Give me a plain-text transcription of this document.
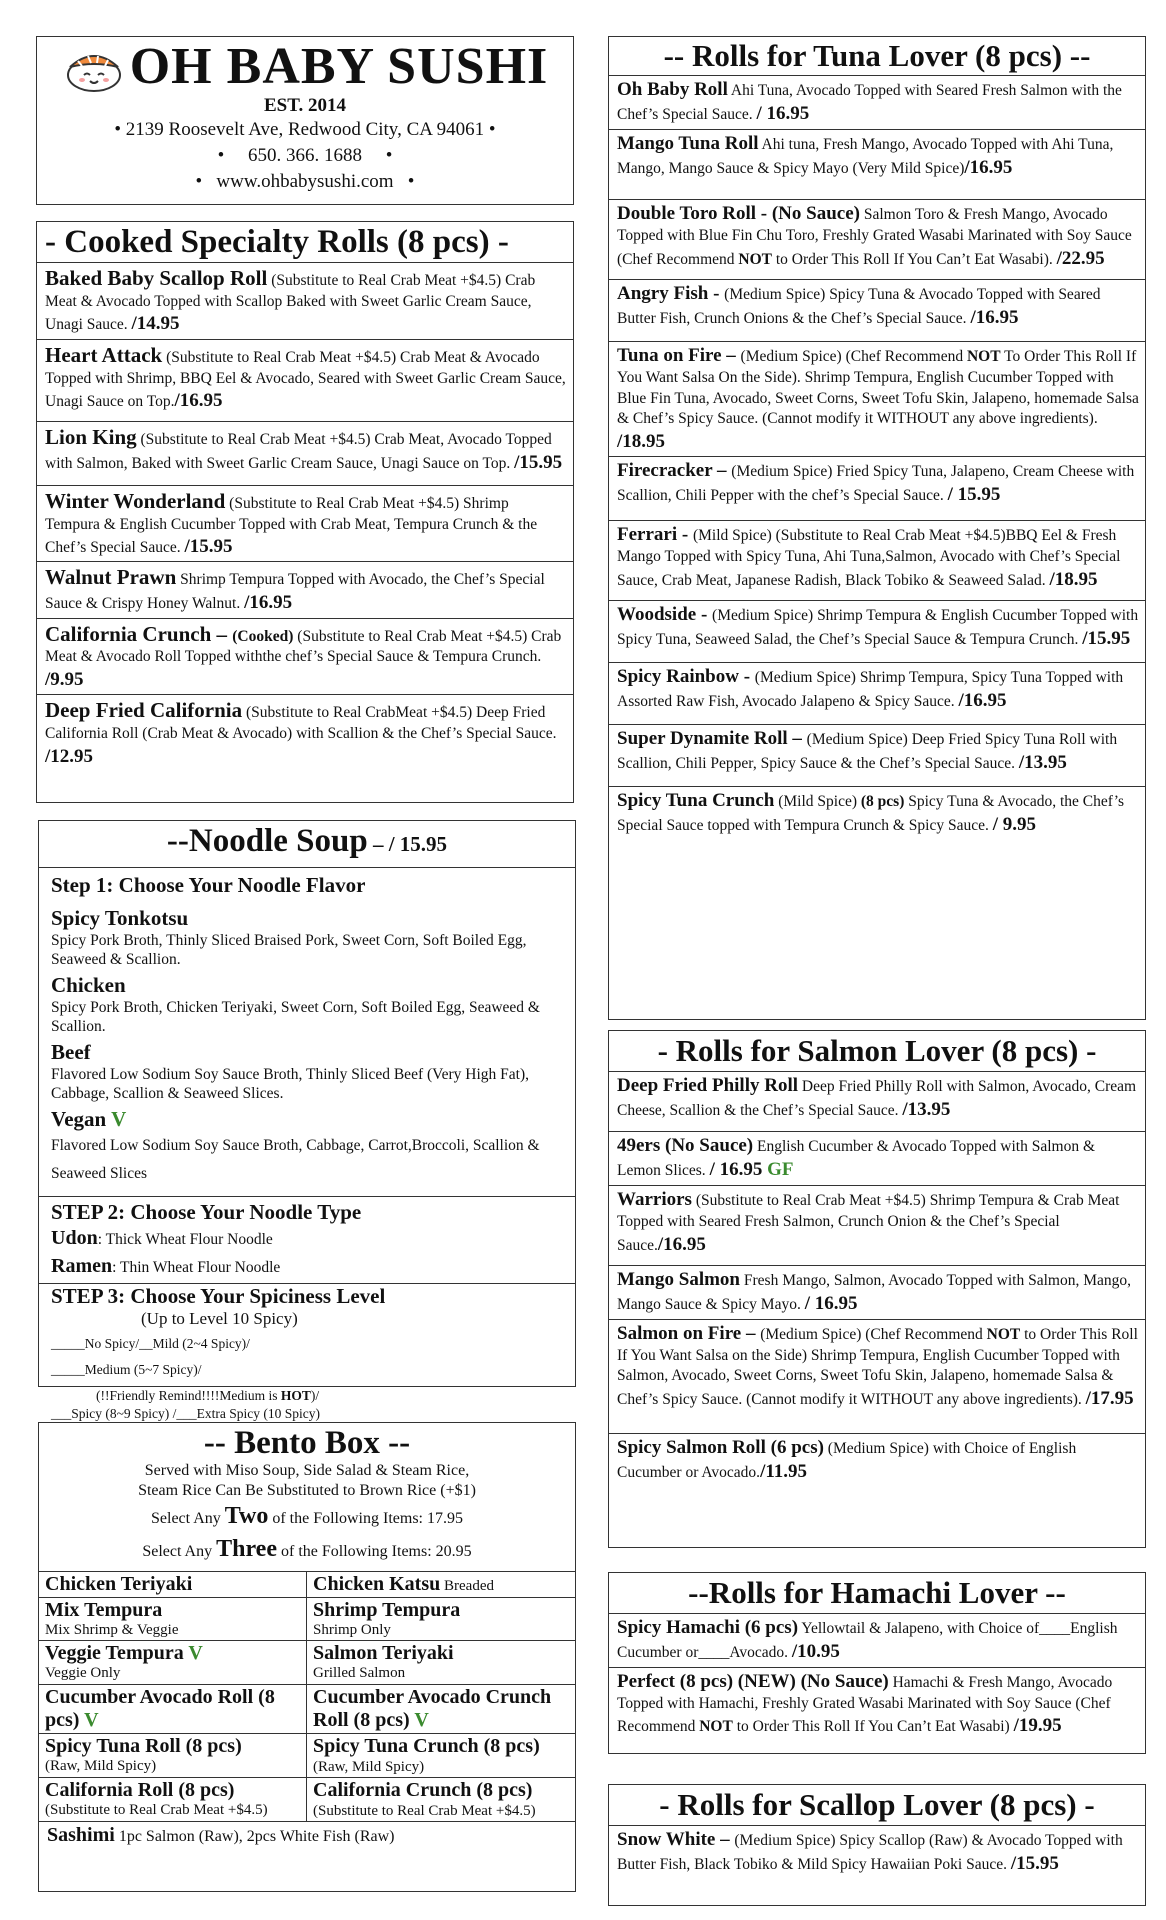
OH BABY SUSHI
EST. 2014
• 2139 Roosevelt Ave, Redwood City, CA 94061 •
•     650. 366. 1688     •
•   www.ohbabysushi.com   •
- Cooked Specialty Rolls (8 pcs) -
Baked Baby Scallop Roll (Substitute to Real Crab Meat +$4.5) Crab Meat & Avocado Topped with Scallop Baked with Sweet Garlic Cream Sauce, Unagi Sauce. /14.95
Heart Attack (Substitute to Real Crab Meat +$4.5) Crab Meat & Avocado Topped with Shrimp, BBQ Eel & Avocado, Seared with Sweet Garlic Cream Sauce, Unagi Sauce on Top./16.95
Lion King (Substitute to Real Crab Meat +$4.5) Crab Meat, Avocado Topped with Salmon, Baked with Sweet Garlic Cream Sauce, Unagi Sauce on Top. /15.95
Winter Wonderland (Substitute to Real Crab Meat +$4.5) Shrimp Tempura & English Cucumber Topped with Crab Meat, Tempura Crunch & the Chef’s Special Sauce. /15.95
Walnut Prawn Shrimp Tempura Topped with Avocado, the Chef’s Special Sauce & Crispy Honey Walnut. /16.95
California Crunch – (Cooked) (Substitute to Real Crab Meat +$4.5) Crab Meat & Avocado Roll Topped withthe chef’s Special Sauce & Tempura Crunch. /9.95
Deep Fried California (Substitute to Real CrabMeat +$4.5) Deep Fried California Roll (Crab Meat & Avocado) with Scallion & the Chef’s Special Sauce. /12.95
--Noodle Soup – / 15.95
Step 1: Choose Your Noodle Flavor
Spicy Tonkotsu
Spicy Pork Broth, Thinly Sliced Braised Pork, Sweet Corn, Soft Boiled Egg, Seaweed & Scallion.
Chicken
Spicy Pork Broth, Chicken Teriyaki, Sweet Corn, Soft Boiled Egg, Seaweed & Scallion.
Beef
Flavored Low Sodium Soy Sauce Broth, Thinly Sliced Beef (Very High Fat), Cabbage, Scallion & Seaweed Slices.
Vegan V
Flavored Low Sodium Soy Sauce Broth, Cabbage, Carrot,Broccoli, Scallion & Seaweed Slices
STEP 2: Choose Your Noodle Type
Udon: Thick Wheat Flour Noodle
Ramen: Thin Wheat Flour Noodle
STEP 3: Choose Your Spiciness Level
(Up to Level 10 Spicy)
_____No Spicy/__Mild (2~4 Spicy)/
_____Medium (5~7 Spicy)/
(!!Friendly Remind!!!!Medium is HOT)/
___Spicy (8~9 Spicy) /___Extra Spicy (10 Spicy)
-- Bento Box --
Served with Miso Soup, Side Salad & Steam Rice,
Steam Rice Can Be Substituted to Brown Rice (+$1)
Select Any Two of the Following Items: 17.95
Select Any Three of the Following Items: 20.95
Chicken Teriyaki	Chicken Katsu Breaded
Mix Tempura
Mix Shrimp & Veggie
Shrimp Tempura
Shrimp Only
Veggie Tempura V
Veggie Only
Salmon Teriyaki
Grilled Salmon
Cucumber Avocado Roll (8 pcs) V
Cucumber Avocado Crunch Roll (8 pcs) V
Spicy Tuna Roll (8 pcs)
(Raw, Mild Spicy)
Spicy Tuna Crunch (8 pcs) (Raw, Mild Spicy)
California Roll (8 pcs)
(Substitute to Real Crab Meat +$4.5)
California Crunch (8 pcs) (Substitute to Real Crab Meat +$4.5)
Sashimi 1pc Salmon (Raw), 2pcs White Fish (Raw)
-- Rolls for Tuna Lover (8 pcs) --
Oh Baby Roll Ahi Tuna, Avocado Topped with Seared Fresh Salmon with the Chef’s Special Sauce. / 16.95
Mango Tuna Roll Ahi tuna, Fresh Mango, Avocado Topped with Ahi Tuna, Mango, Mango Sauce & Spicy Mayo (Very Mild Spice)/16.95
Double Toro Roll - (No Sauce) Salmon Toro & Fresh Mango, Avocado Topped with Blue Fin Chu Toro, Freshly Grated Wasabi Marinated with Soy Sauce (Chef Recommend NOT to Order This Roll If You Can’t Eat Wasabi). /22.95
Angry Fish - (Medium Spice) Spicy Tuna & Avocado Topped with Seared Butter Fish, Crunch Onions & the Chef’s Special Sauce. /16.95
Tuna on Fire – (Medium Spice) (Chef Recommend NOT To Order This Roll If You Want Salsa On the Side). Shrimp Tempura, English Cucumber Topped with Blue Fin Tuna, Avocado, Sweet Corns, Sweet Tofu Skin, Jalapeno, homemade Salsa & Chef’s Spicy Sauce. (Cannot modify it WITHOUT any above ingredients). /18.95
Firecracker – (Medium Spice) Fried Spicy Tuna, Jalapeno, Cream Cheese with Scallion, Chili Pepper with the chef’s Special Sauce. / 15.95
Ferrari - (Mild Spice) (Substitute to Real Crab Meat +$4.5)BBQ Eel & Fresh Mango Topped with Spicy Tuna, Ahi Tuna,Salmon, Avocado with Chef’s Special Sauce, Crab Meat, Japanese Radish, Black Tobiko & Seaweed Salad. /18.95
Woodside - (Medium Spice) Shrimp Tempura & English Cucumber Topped with Spicy Tuna, Seaweed Salad, the Chef’s Special Sauce & Tempura Crunch. /15.95
Spicy Rainbow - (Medium Spice) Shrimp Tempura, Spicy Tuna Topped with Assorted Raw Fish, Avocado Jalapeno & Spicy Sauce. /16.95
Super Dynamite Roll – (Medium Spice) Deep Fried Spicy Tuna Roll with Scallion, Chili Pepper, Spicy Sauce & the Chef’s Special Sauce. /13.95
Spicy Tuna Crunch (Mild Spice) (8 pcs) Spicy Tuna & Avocado, the Chef’s Special Sauce topped with Tempura Crunch & Spicy Sauce. / 9.95
- Rolls for Salmon Lover (8 pcs) -
Deep Fried Philly Roll Deep Fried Philly Roll with Salmon, Avocado, Cream Cheese, Scallion & the Chef’s Special Sauce. /13.95
49ers (No Sauce) English Cucumber & Avocado Topped with Salmon & Lemon Slices. / 16.95 GF
Warriors (Substitute to Real Crab Meat +$4.5) Shrimp Tempura & Crab Meat Topped with Seared Fresh Salmon, Crunch Onion & the Chef’s Special Sauce./16.95
Mango Salmon Fresh Mango, Salmon, Avocado Topped with Salmon, Mango, Mango Sauce & Spicy Mayo. / 16.95
Salmon on Fire – (Medium Spice) (Chef Recommend NOT to Order This Roll If You Want Salsa on the Side) Shrimp Tempura, English Cucumber Topped with Salmon, Avocado, Sweet Corns, Sweet Tofu Skin, Jalapeno, homemade Salsa & Chef’s Spicy Sauce. (Cannot modify it WITHOUT any above ingredients). /17.95
Spicy Salmon Roll (6 pcs) (Medium Spice) with Choice of English Cucumber or Avocado./11.95
--Rolls for Hamachi Lover --
Spicy Hamachi (6 pcs) Yellowtail & Jalapeno, with Choice of____English Cucumber or____Avocado. /10.95
Perfect (8 pcs) (NEW) (No Sauce) Hamachi & Fresh Mango, Avocado Topped with Hamachi, Freshly Grated Wasabi Marinated with Soy Sauce (Chef Recommend NOT to Order This Roll If You Can’t Eat Wasabi) /19.95
- Rolls for Scallop Lover (8 pcs) -
Snow White – (Medium Spice) Spicy Scallop (Raw) & Avocado Topped with Butter Fish, Black Tobiko & Mild Spicy Hawaiian Poki Sauce. /15.95
